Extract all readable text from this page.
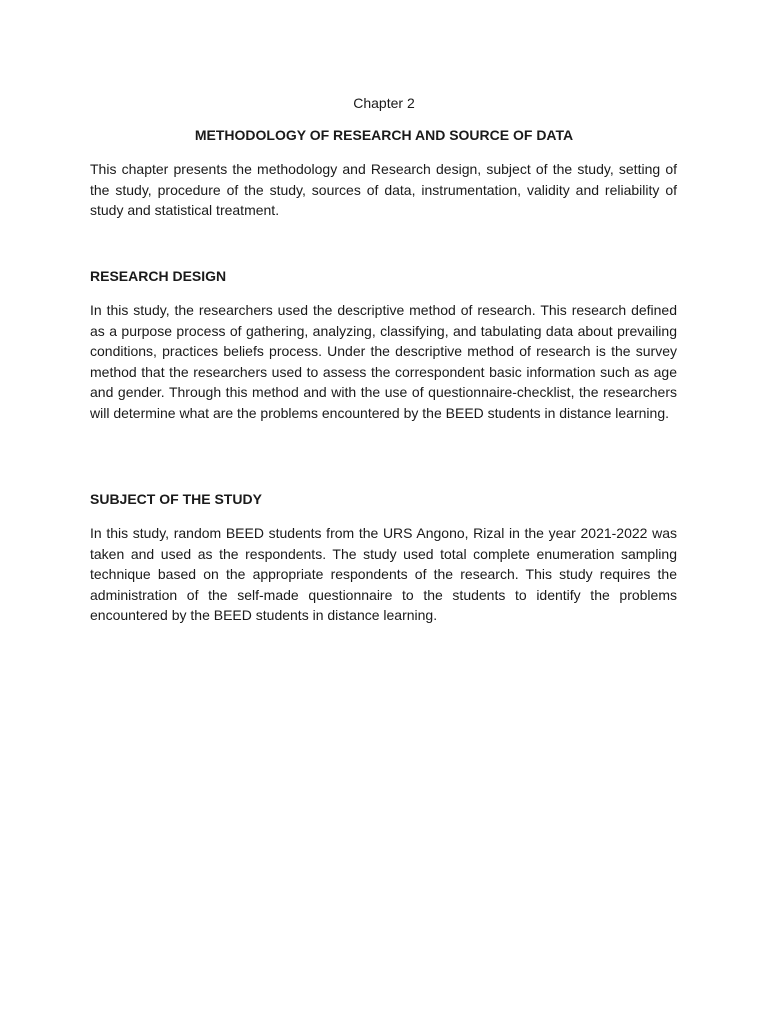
Chapter 2
METHODOLOGY OF RESEARCH AND SOURCE OF DATA

This chapter presents the methodology and Research design, subject of the study, setting of the study, procedure of the study, sources of data, instrumentation, validity and reliability of study and statistical treatment.

RESEARCH DESIGN

In this study, the researchers used the descriptive method of research. This research defined as a purpose process of gathering, analyzing, classifying, and tabulating data about prevailing conditions, practices beliefs process. Under the descriptive method of research is the survey method that the researchers used to assess the correspondent basic information such as age and gender. Through this method and with the use of questionnaire-checklist, the researchers will determine what are the problems encountered by the BEED students in distance learning.

SUBJECT OF THE STUDY

In this study, random BEED students from the URS Angono, Rizal in the year 2021-2022 was taken and used as the respondents. The study used total complete enumeration sampling technique based on the appropriate respondents of the research. This study requires the administration of the self-made questionnaire to the students to identify the problems encountered by the BEED students in distance learning.
